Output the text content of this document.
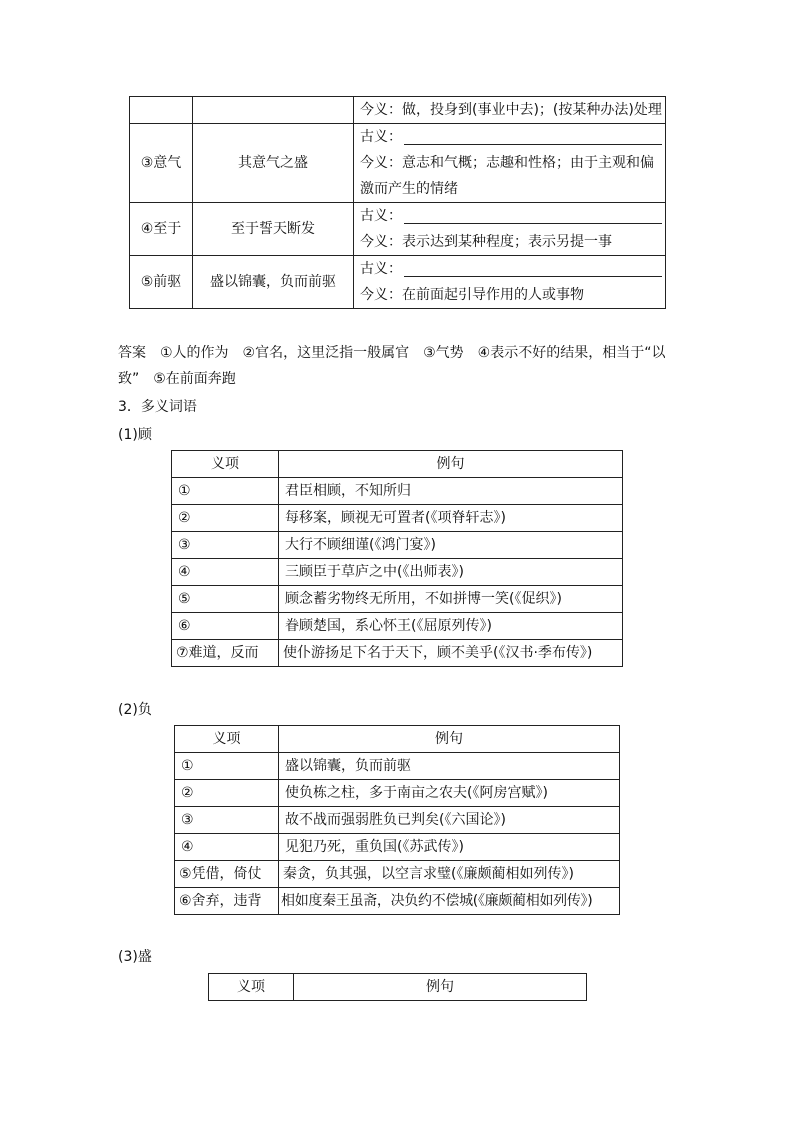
		今义：做，投身到(事业中去)；(按某种办法)处理

③意气	其意气之盛	古义：
今义：意志和气概；志趣和性格；由于主观和偏
激而产生的情绪

④至于	至于誓天断发	古义：
今义：表示达到某种程度；表示另提一事

⑤前驱	盛以锦囊，负而前驱	古义：
今义：在前面起引导作用的人或事物
答案　①人的作为　②官名，这里泛指一般属官　③气势　④表示不好的结果，相当于“以
致”　⑤在前面奔跑
3．多义词语
(1)顾
义项	例句
①	君臣相顾，不知所归
②	每移案，顾视无可置者(《项脊轩志》)
③	大行不顾细谨(《鸿门宴》)
④	三顾臣于草庐之中(《出师表》)
⑤	顾念蓄劣物终无所用，不如拼博一笑(《促织》)
⑥	眷顾楚国，系心怀王(《屈原列传》)
⑦难道，反而	使仆游扬足下名于天下，顾不美乎(《汉书·季布传》)
(2)负
义项	例句
①	盛以锦囊，负而前驱
②	使负栋之柱，多于南亩之农夫(《阿房宫赋》)
③	故不战而强弱胜负已判矣(《六国论》)
④	见犯乃死，重负国(《苏武传》)
⑤凭借，倚仗	秦贪，负其强，以空言求璧(《廉颇蔺相如列传》)
⑥舍弃，违背	相如度秦王虽斋，决负约不偿城(《廉颇蔺相如列传》)
(3)盛
义项	例句
